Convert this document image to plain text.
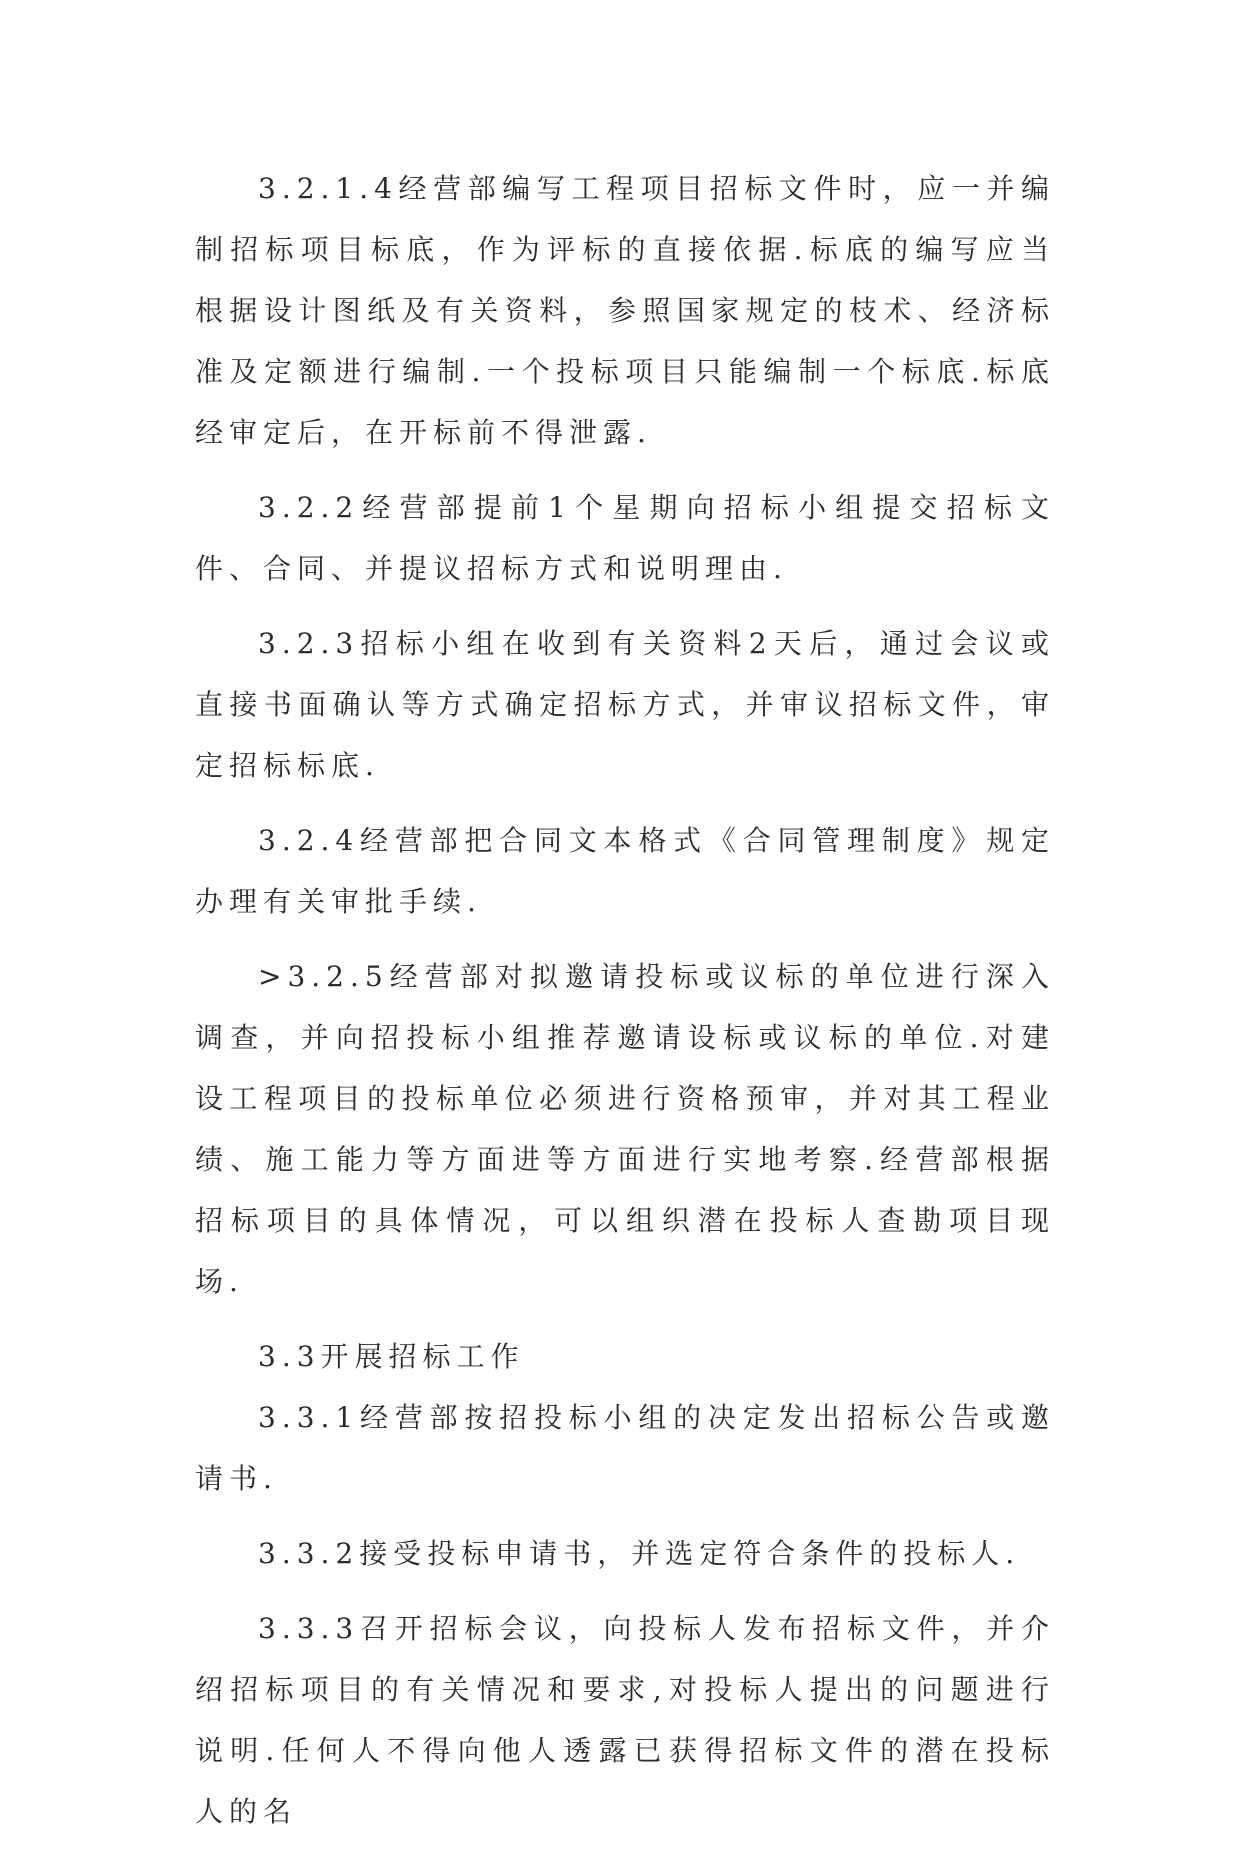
3.2.1.4经营部编写工程项目招标文件时，应一并编制招标项目标底，作为评标的直接依据.标底的编写应当根据设计图纸及有关资料，参照国家规定的枝术、经济标准及定额进行编制.一个投标项目只能编制一个标底.标底经审定后，在开标前不得泄露.

3.2.2经营部提前1个星期向招标小组提交招标文件、合同、并提议招标方式和说明理由.

3.2.3招标小组在收到有关资料2天后，通过会议或直接书面确认等方式确定招标方式，并审议招标文件，审定招标标底.

3.2.4经营部把合同文本格式《合同管理制度》规定办理有关审批手续.

>3.2.5经营部对拟邀请投标或议标的单位进行深入调查，并向招投标小组推荐邀请设标或议标的单位.对建设工程项目的投标单位必须进行资格预审，并对其工程业绩、施工能力等方面进等方面进行实地考察.经营部根据招标项目的具体情况，可以组织潜在投标人查勘项目现场.

3.3开展招标工作

3.3.1经营部按招投标小组的决定发出招标公告或邀请书.

3.3.2接受投标申请书，并选定符合条件的投标人.

3.3.3召开招标会议，向投标人发布招标文件，并介绍招标项目的有关情况和要求,对投标人提出的问题进行说明.任何人不得向他人透露已获得招标文件的潜在投标人的名
